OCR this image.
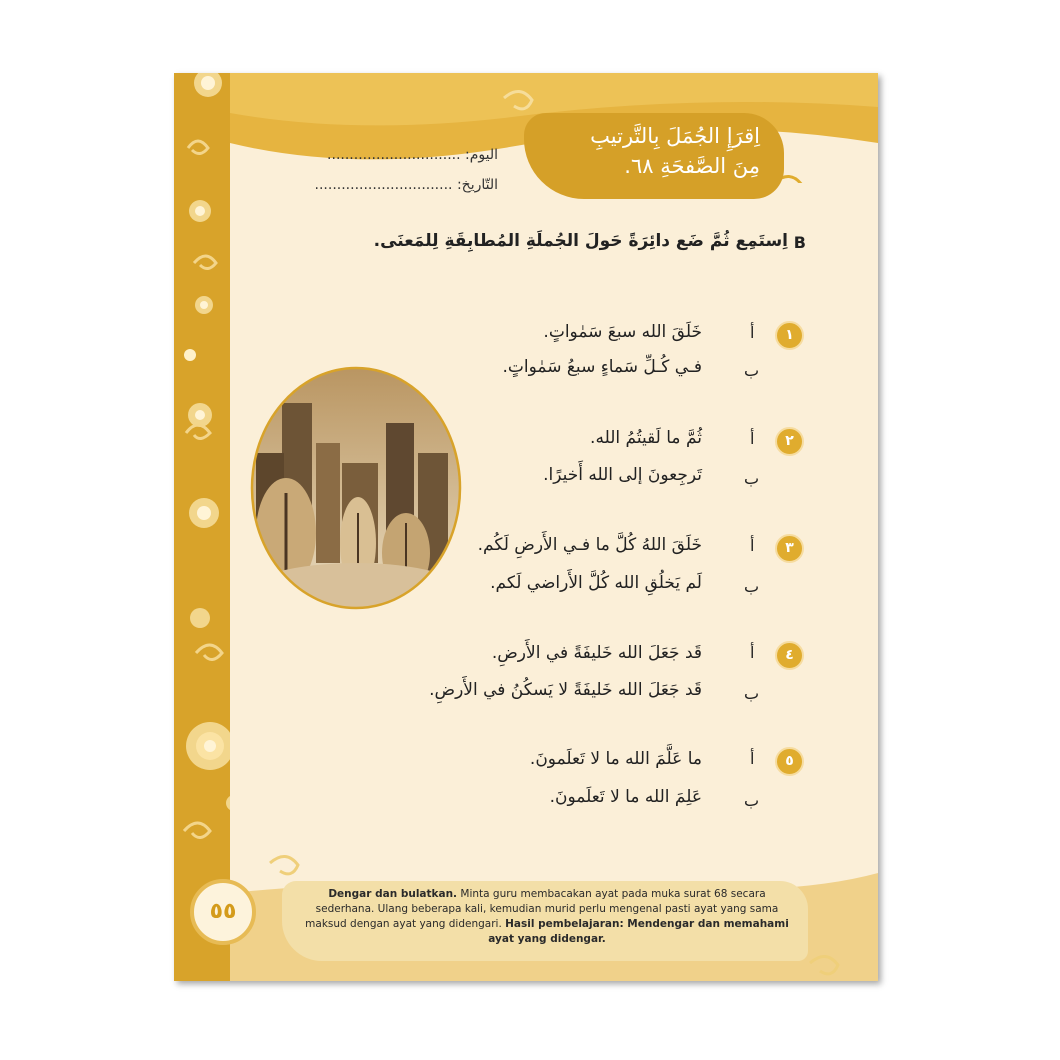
اِقرَإِ الجُمَلَ بِالتَّرتيبِ
مِنَ الصَّفحَةِ ٦٨.
اليوم: ..............................
التّاريخ: ...............................
B
اِستَمِع ثُمَّ ضَع دائِرَةً حَولَ الجُملَةِ المُطابِقَةِ لِلمَعنَى.
١
أ
خَلَقَ الله سبعَ سَمٰواتٍ.
ب
فـي كُـلِّ سَماءٍ سبعُ سَمٰواتٍ.
٢
أ
ثُمَّ ما لَقيتُمُ الله.
ب
تَرجِعونَ إلى الله أَخيرًا.
٣
أ
خَلَقَ اللهُ كُلَّ ما فـي الأَرضِ لَكُم.
ب
لَم يَخلُقِ الله كُلَّ الأَراضي لَكم.
٤
أ
قَد جَعَلَ الله خَليفَةً في الأَرضِ.
ب
قَد جَعَلَ الله خَليفَةً لا يَسكُنُ في الأَرضِ.
٥
أ
ما عَلَّمَ الله ما لا تَعلَمونَ.
ب
عَلِمَ الله ما لا تَعلَمونَ.
Dengar dan bulatkan. Minta guru membacakan ayat pada muka surat 68 secara sederhana. Ulang beberapa kali, kemudian murid perlu mengenal pasti ayat yang sama maksud dengan ayat yang didengari. Hasil pembelajaran: Mendengar dan memahami ayat yang didengar.
٥٥
